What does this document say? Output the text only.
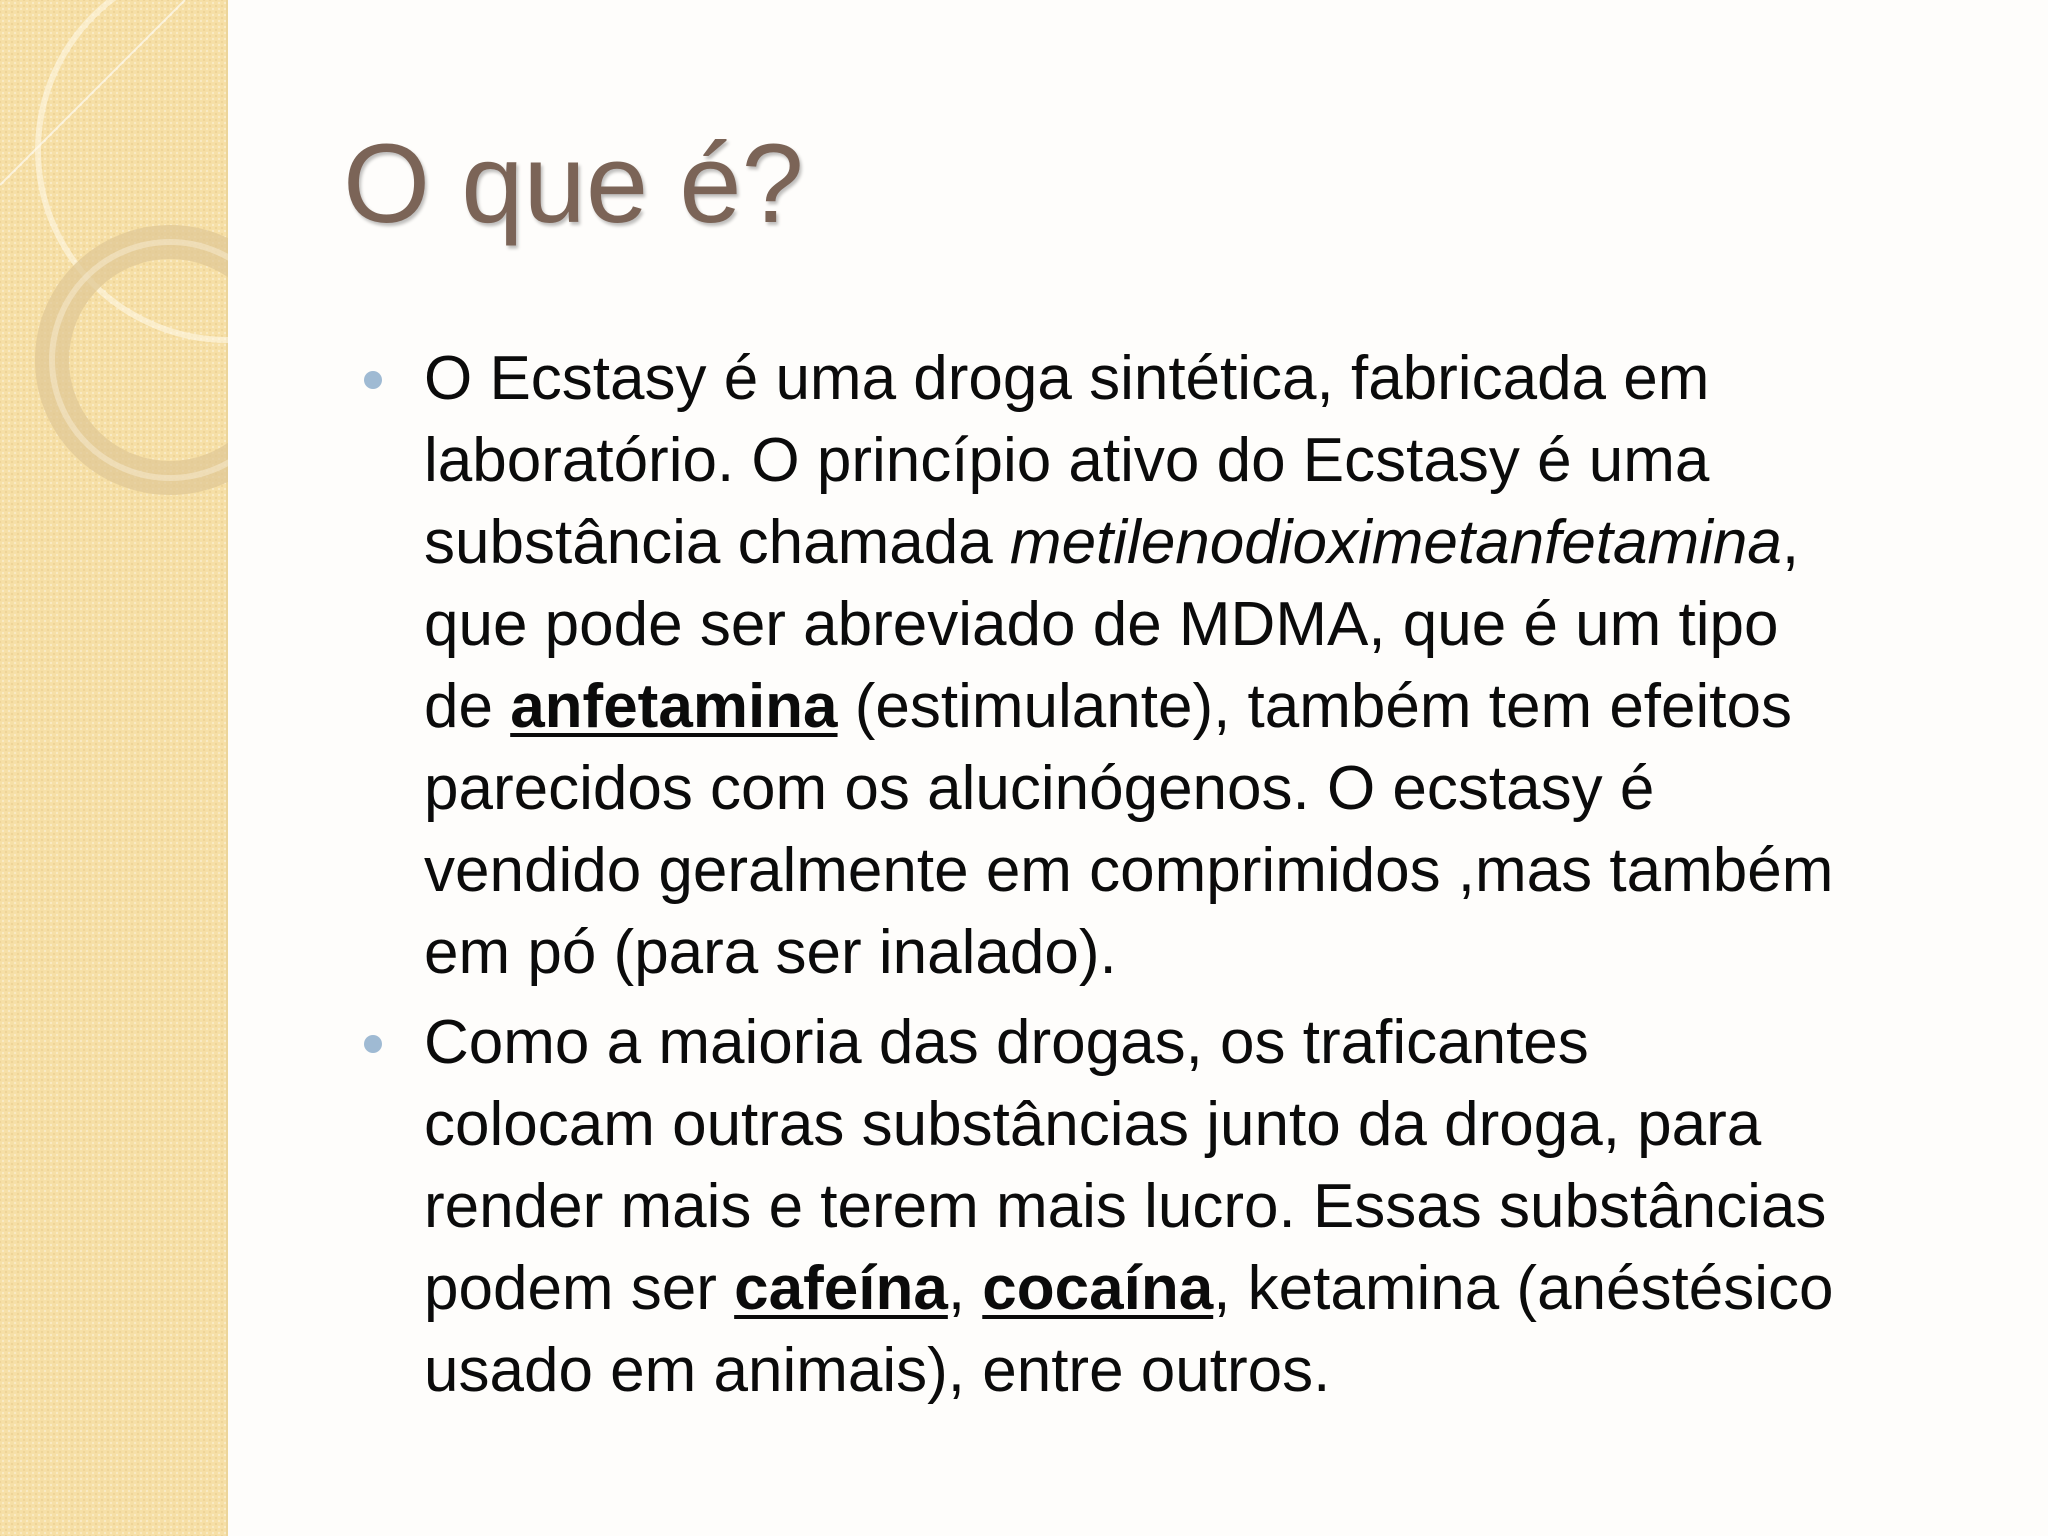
O que é?
O Ecstasy é uma droga sintética, fabricada em
laboratório. O princípio ativo do Ecstasy é uma
substância chamada metilenodioximetanfetamina,
que pode ser abreviado de MDMA, que é um tipo
de anfetamina (estimulante), também tem efeitos
parecidos com os alucinógenos. O ecstasy é
vendido geralmente em comprimidos ,mas também
em pó (para ser inalado).
Como a maioria das drogas, os traficantes
colocam outras substâncias junto da droga, para
render mais e terem mais lucro. Essas substâncias
podem ser cafeína, cocaína, ketamina (anéstésico
usado em animais), entre outros.
